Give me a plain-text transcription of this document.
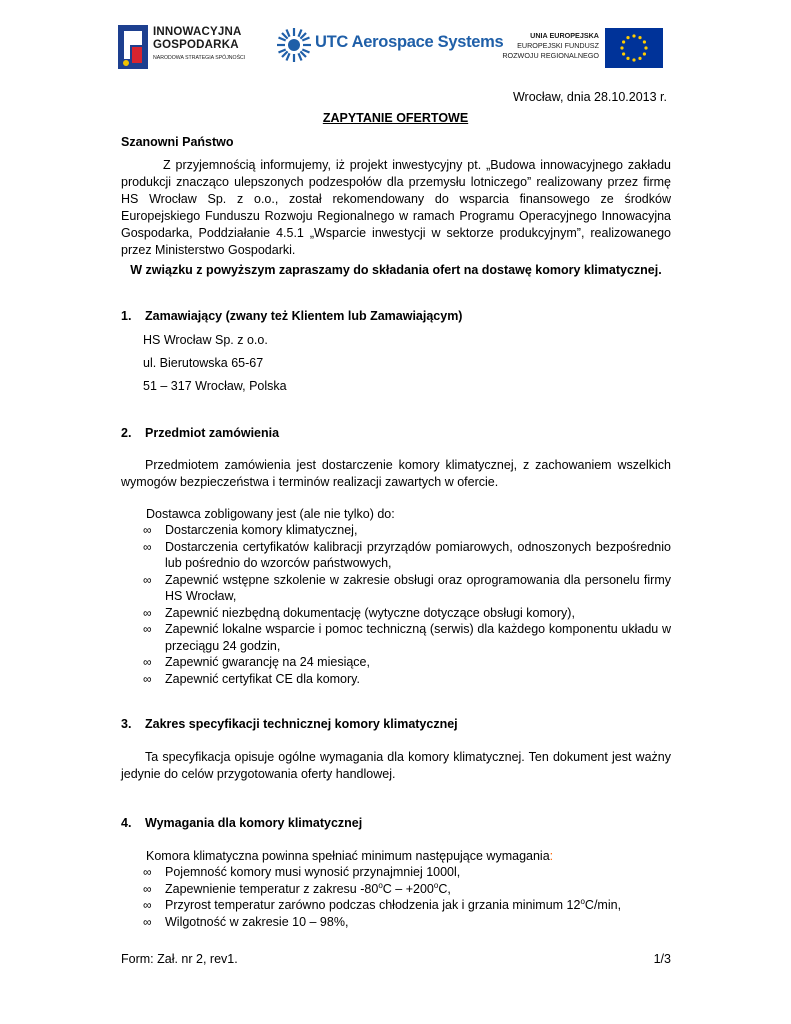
INNOWACYJNA
GOSPODARKA
NARODOWA STRATEGIA SPÓJNOŚCI
UTC Aerospace Systems	UNIA EUROPEJSKA
EUROPEJSKI FUNDUSZ
ROZWOJU REGIONALNEGO
Wrocław, dnia 28.10.2013 r.
ZAPYTANIE OFERTOWE
Szanowni Państwo
Z przyjemnością informujemy, iż projekt inwestycyjny pt. „Budowa innowacyjnego zakładu produkcji znacząco ulepszonych podzespołów dla przemysłu lotniczego” realizowany przez firmę HS Wrocław Sp. z o.o., został rekomendowany do wsparcia finansowego ze środków Europejskiego Funduszu Rozwoju Regionalnego w ramach Programu Operacyjnego Innowacyjna Gospodarka, Poddziałanie 4.5.1 „Wsparcie inwestycji w sektorze produkcyjnym”, realizowanego przez Ministerstwo Gospodarki.
W związku z powyższym zapraszamy do składania ofert na dostawę komory klimatycznej.
1. Zamawiający (zwany też Klientem lub Zamawiającym)
HS Wrocław Sp. z o.o.
ul. Bierutowska 65-67
51 – 317 Wrocław, Polska
2. Przedmiot zamówienia
Przedmiotem zamówienia jest dostarczenie komory klimatycznej, z zachowaniem wszelkich wymogów bezpieczeństwa i terminów realizacji zawartych w ofercie.
Dostawca zobligowany jest (ale nie tylko) do:
∞ Dostarczenia komory klimatycznej,
∞ Dostarczenia certyfikatów kalibracji przyrządów pomiarowych, odnoszonych bezpośrednio lub pośrednio do wzorców państwowych,
∞ Zapewnić wstępne szkolenie w zakresie obsługi oraz oprogramowania dla personelu firmy HS Wrocław,
∞ Zapewnić niezbędną dokumentację (wytyczne dotyczące obsługi komory),
∞ Zapewnić lokalne wsparcie i pomoc techniczną (serwis) dla każdego komponentu układu w przeciągu 24 godzin,
∞ Zapewnić gwarancję na 24 miesiące,
∞ Zapewnić certyfikat CE dla komory.
3. Zakres specyfikacji technicznej komory klimatycznej
Ta specyfikacja opisuje ogólne wymagania dla komory klimatycznej. Ten dokument jest ważny jedynie do celów przygotowania oferty handlowej.
4. Wymagania dla komory klimatycznej
Komora klimatyczna powinna spełniać minimum następujące wymagania:
∞ Pojemność komory musi wynosić przynajmniej 1000l,
∞ Zapewnienie temperatur z zakresu $-80^oC - +200^oC$,
∞ Przyrost temperatur zarówno podczas chłodzenia jak i grzania minimum 12$^o$C/min,
∞ Wilgotność w zakresie 10 – 98%,
Form: Zał. nr 2, rev1.	1/3
